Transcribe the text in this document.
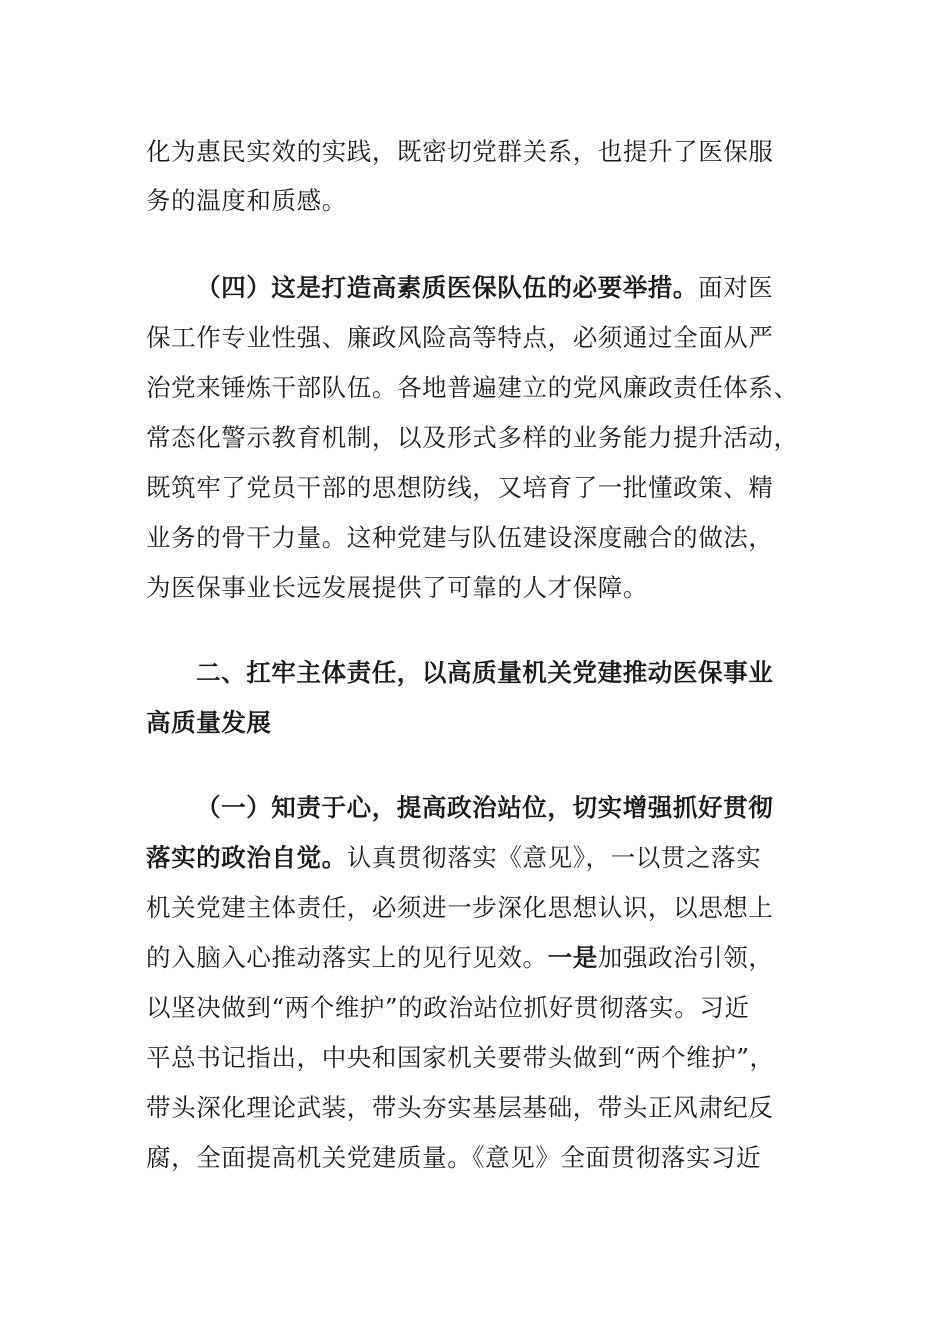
化为惠民实效的实践，既密切党群关系，也提升了医保服
务的温度和质感。
（四）这是打造高素质医保队伍的必要举措。面对医
保工作专业性强、廉政风险高等特点，必须通过全面从严
治党来锤炼干部队伍。各地普遍建立的党风廉政责任体系、
常态化警示教育机制，以及形式多样的业务能力提升活动，
既筑牢了党员干部的思想防线，又培育了一批懂政策、精
业务的骨干力量。这种党建与队伍建设深度融合的做法，
为医保事业长远发展提供了可靠的人才保障。
二、扛牢主体责任，以高质量机关党建推动医保事业
高质量发展
（一）知责于心，提高政治站位，切实增强抓好贯彻
落实的政治自觉。认真贯彻落实《意见》，一以贯之落实
机关党建主体责任，必须进一步深化思想认识，以思想上
的入脑入心推动落实上的见行见效。一是加强政治引领，
以坚决做到“两个维护”的政治站位抓好贯彻落实。习近
平总书记指出，中央和国家机关要带头做到“两个维护”，
带头深化理论武装，带头夯实基层基础，带头正风肃纪反
腐，全面提高机关党建质量。《意见》全面贯彻落实习近
